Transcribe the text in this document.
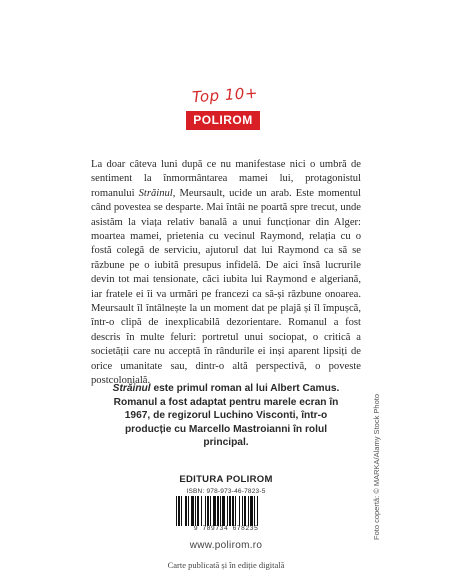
Top 10+
POLIROM
La doar câteva luni după ce nu manifestase nici o umbră de sentiment la înmormântarea mamei lui, protagonistul romanului Străinul, Meursault, ucide un arab. Este momentul când povestea se desparte. Mai întâi ne poartă spre trecut, unde asistăm la viața relativ banală a unui funcționar din Alger: moartea mamei, prietenia cu vecinul Raymond, relația cu o fostă colegă de serviciu, ajutorul dat lui Raymond ca să se răzbune pe o iubită presupus infidelă. De aici însă lucrurile devin tot mai tensionate, căci iubita lui Raymond e algeriană, iar fratele ei îi va urmări pe francezi ca să-și răzbune onoarea. Meursault îl întâlnește la un moment dat pe plajă și îl împușcă, într-o clipă de inexplicabilă dezorientare. Romanul a fost descris în multe feluri: portretul unui sociopat, o critică a societății care nu acceptă în rândurile ei inși aparent lipsiți de orice umanitate sau, dintr-o altă perspectivă, o poveste postcolonială.
Străinul este primul roman al lui Albert Camus. Romanul a fost adaptat pentru marele ecran în 1967, de regizorul Luchino Visconti, într-o producție cu Marcello Mastroianni în rolul principal.	Foto copertă: © MARKA/Alamy Stock Photo
EDITURA POLIROM
ISBN: 978-973-46-7823-5
9 789734 678235
www.polirom.ro
Carte publicată și în ediție digitală
